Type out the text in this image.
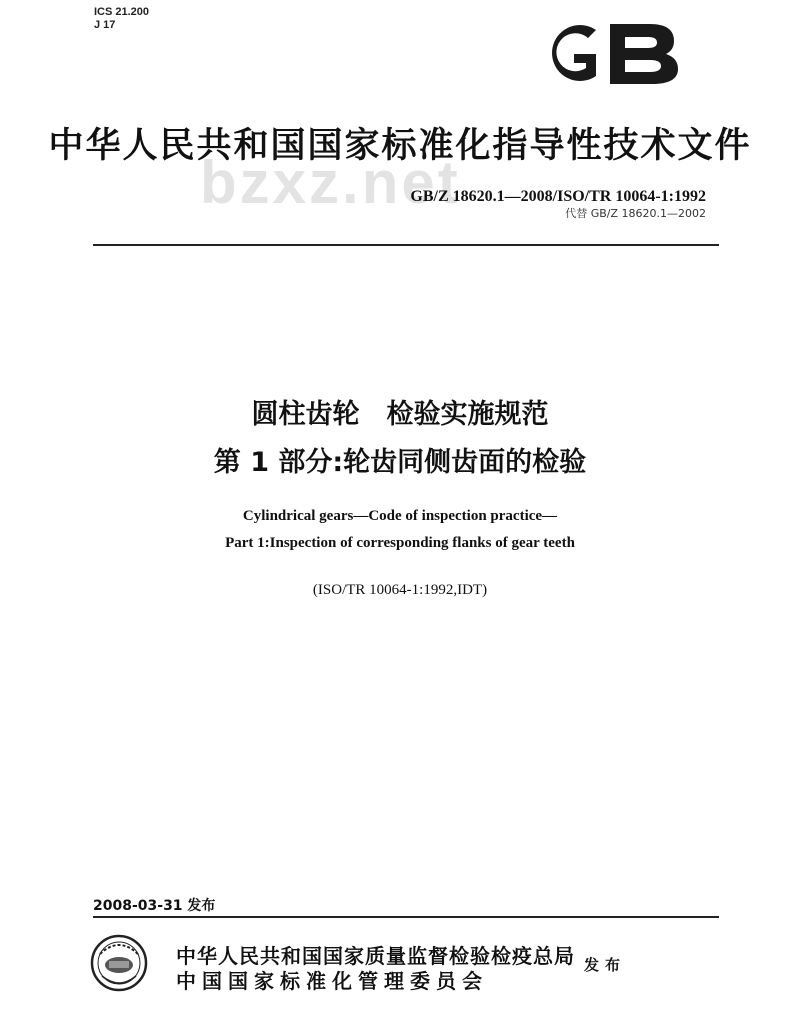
ICS 21.200
J 17
中华人民共和国国家标准化指导性技术文件
bzxz.net
GB/Z 18620.1—2008/ISO/TR 10064-1:1992
代替 GB/Z 18620.1—2002
圆柱齿轮　检验实施规范
第 1 部分:轮齿同侧齿面的检验
Cylindrical gears—Code of inspection practice—
Part 1:Inspection of corresponding flanks of gear teeth
(ISO/TR 10064-1:1992,IDT)
2008-03-31 发布
中华人民共和国国家质量监督检验检疫总局
中国国家标准化管理委员会
发布
